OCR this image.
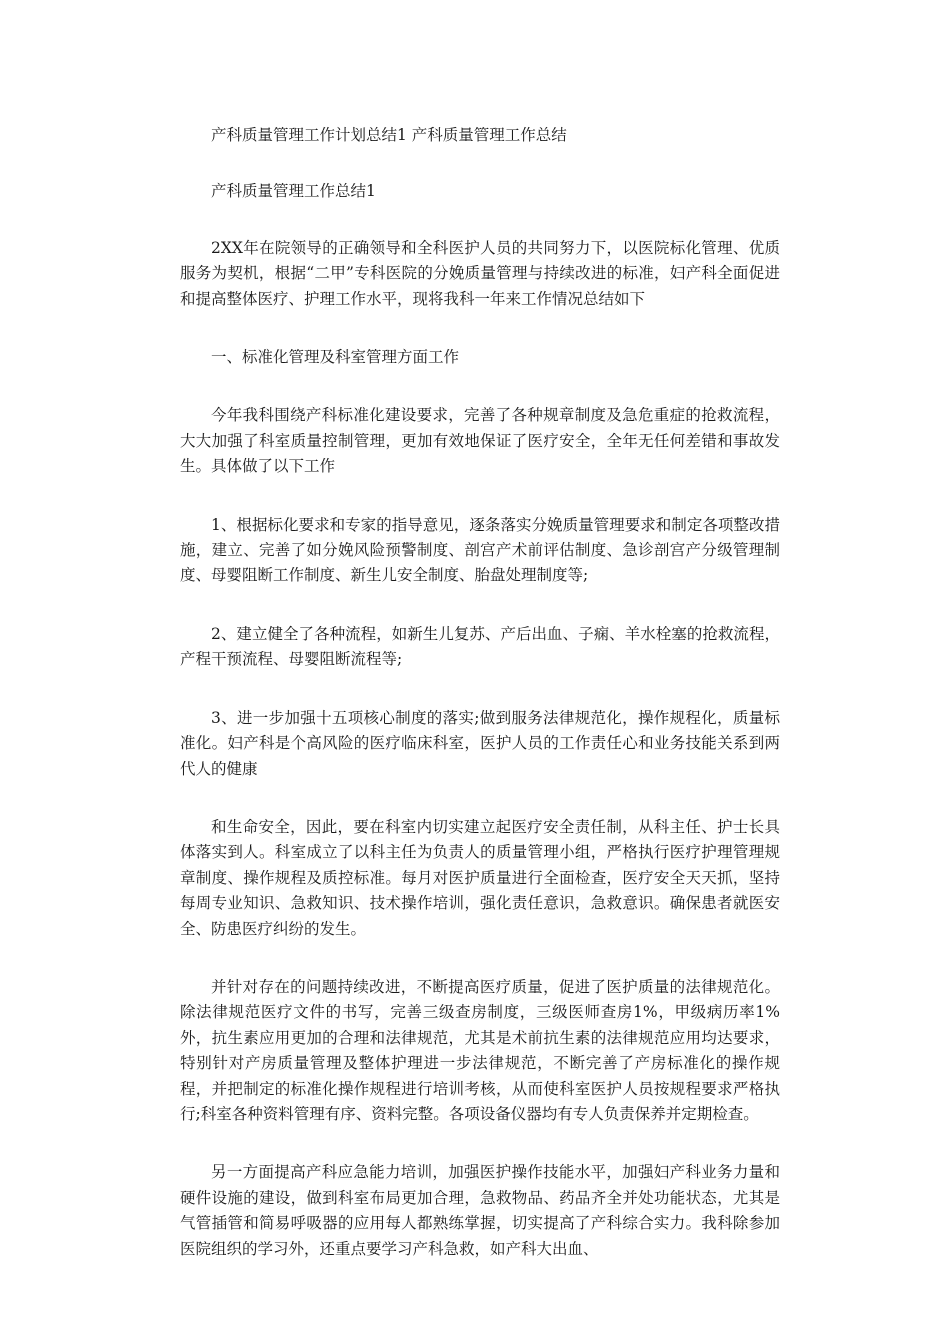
产科质量管理工作计划总结1 产科质量管理工作总结

产科质量管理工作总结1

2XX年在院领导的正确领导和全科医护人员的共同努力下，以医院标化管理、优质服务为契机，根据“二甲”专科医院的分娩质量管理与持续改进的标准，妇产科全面促进和提高整体医疗、护理工作水平，现将我科一年来工作情况总结如下

一、标准化管理及科室管理方面工作

今年我科围绕产科标准化建设要求，完善了各种规章制度及急危重症的抢救流程，大大加强了科室质量控制管理，更加有效地保证了医疗安全，全年无任何差错和事故发生。具体做了以下工作

1、根据标化要求和专家的指导意见，逐条落实分娩质量管理要求和制定各项整改措施，建立、完善了如分娩风险预警制度、剖宫产术前评估制度、急诊剖宫产分级管理制度、母婴阻断工作制度、新生儿安全制度、胎盘处理制度等;

2、建立健全了各种流程，如新生儿复苏、产后出血、子痫、羊水栓塞的抢救流程，产程干预流程、母婴阻断流程等;

3、进一步加强十五项核心制度的落实;做到服务法律规范化，操作规程化，质量标准化。妇产科是个高风险的医疗临床科室，医护人员的工作责任心和业务技能关系到两代人的健康

和生命安全，因此，要在科室内切实建立起医疗安全责任制，从科主任、护士长具体落实到人。科室成立了以科主任为负责人的质量管理小组，严格执行医疗护理管理规章制度、操作规程及质控标准。每月对医护质量进行全面检查，医疗安全天天抓，坚持每周专业知识、急救知识、技术操作培训，强化责任意识，急救意识。确保患者就医安全、防患医疗纠纷的发生。

并针对存在的问题持续改进，不断提高医疗质量，促进了医护质量的法律规范化。除法律规范医疗文件的书写，完善三级查房制度，三级医师查房1%，甲级病历率1%外，抗生素应用更加的合理和法律规范，尤其是术前抗生素的法律规范应用均达要求，特别针对产房质量管理及整体护理进一步法律规范，不断完善了产房标准化的操作规程，并把制定的标准化操作规程进行培训考核，从而使科室医护人员按规程要求严格执行;科室各种资料管理有序、资料完整。各项设备仪器均有专人负责保养并定期检查。

另一方面提高产科应急能力培训，加强医护操作技能水平，加强妇产科业务力量和硬件设施的建设，做到科室布局更加合理，急救物品、药品齐全并处功能状态，尤其是气管插管和简易呼吸器的应用每人都熟练掌握，切实提高了产科综合实力。我科除参加医院组织的学习外，还重点要学习产科急救，如产科大出血、
